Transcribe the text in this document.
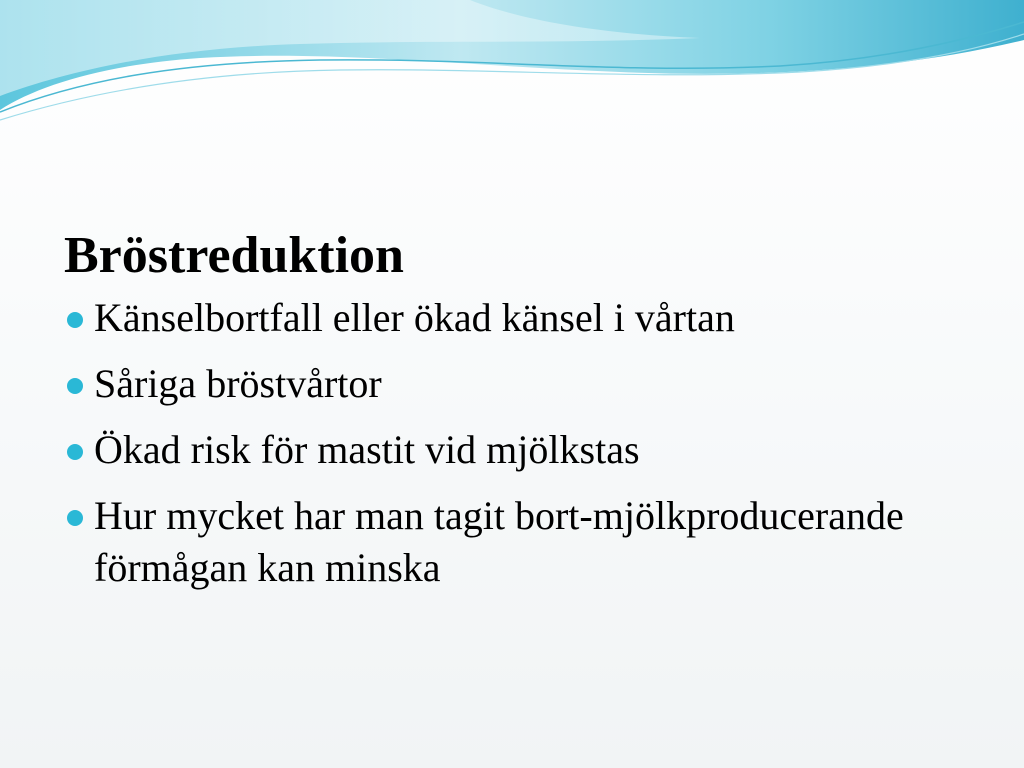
Bröstreduktion
Känselbortfall eller ökad känsel i vårtan
Såriga bröstvårtor
Ökad risk för mastit vid mjölkstas
Hur mycket har man tagit bort-mjölkproducerande förmågan kan minska
